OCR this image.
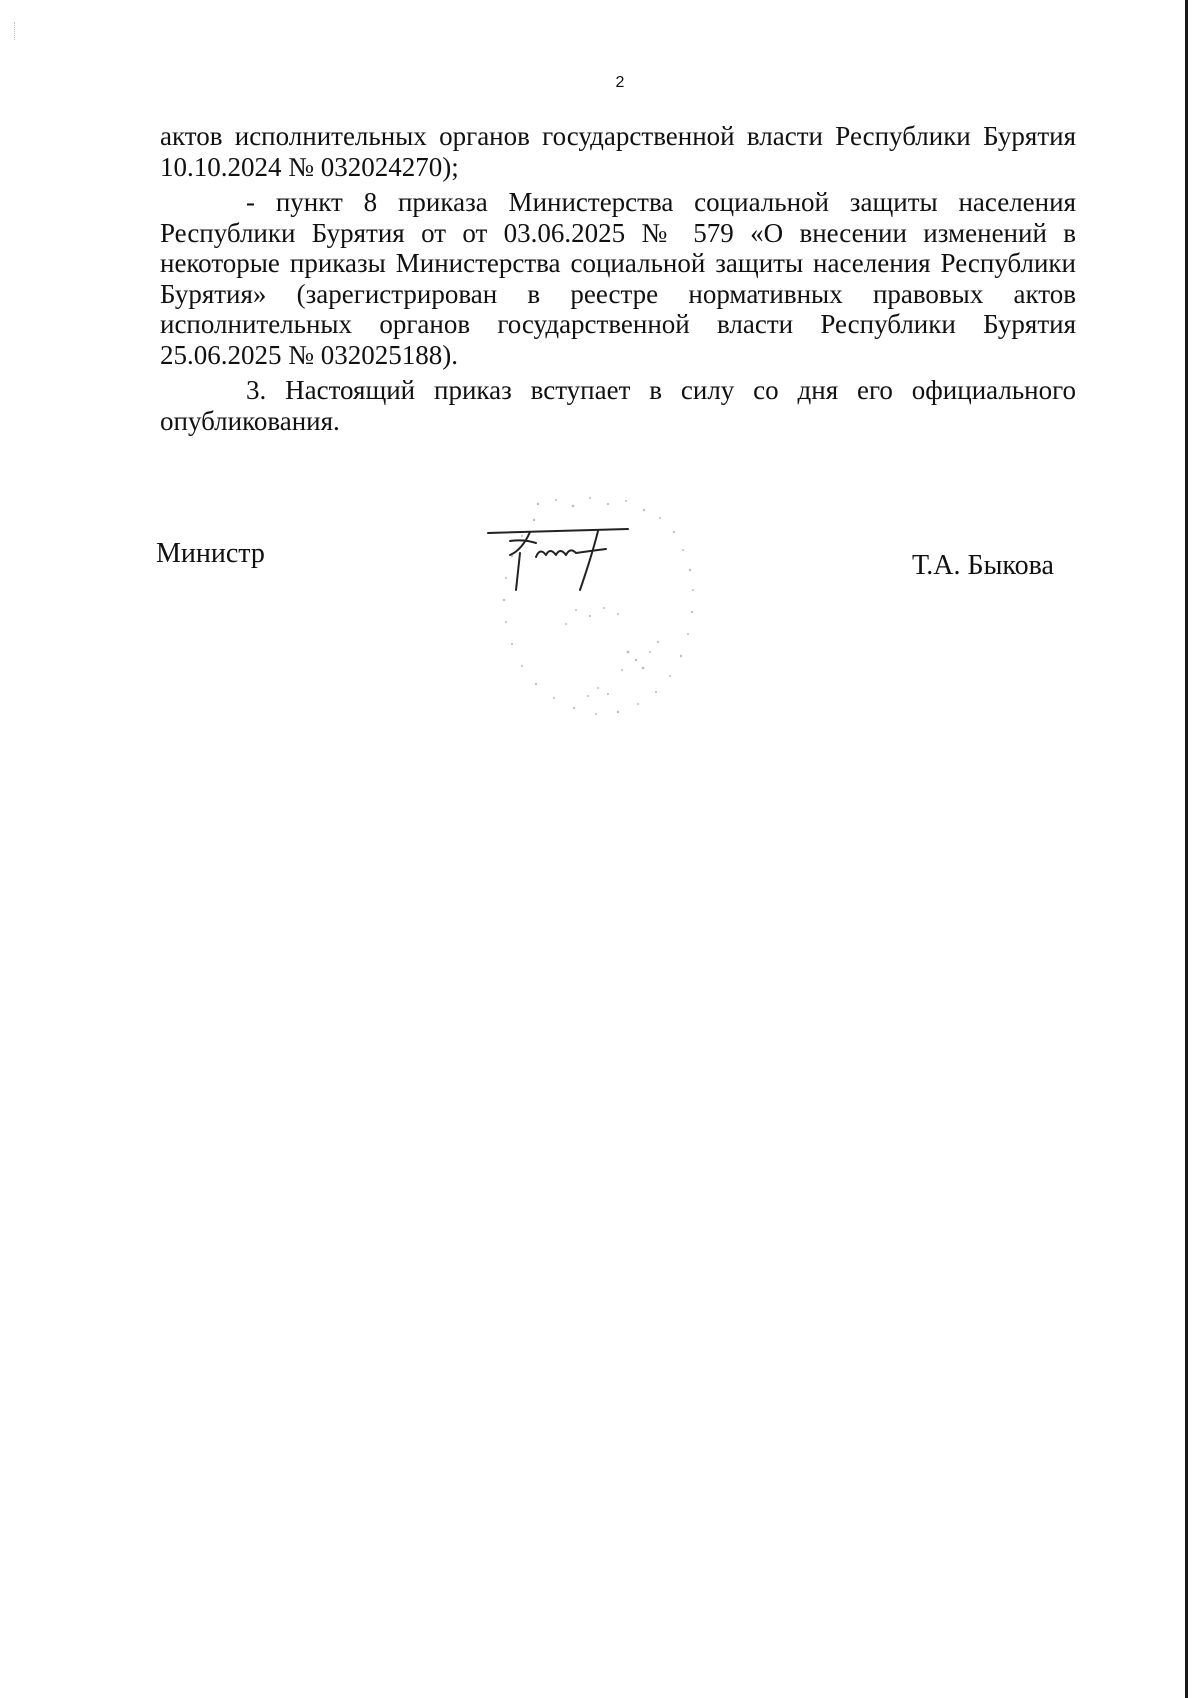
2

актов исполнительных органов государственной власти Республики Бурятия 10.10.2024 № 032024270);

- пункт 8 приказа Министерства социальной защиты населения Республики Бурятия от от 03.06.2025 № 579 «О внесении изменений в некоторые приказы Министерства социальной защиты населения Республики Бурятия» (зарегистрирован в реестре нормативных правовых актов исполнительных органов государственной власти Республики Бурятия 25.06.2025 № 032025188).

3. Настоящий приказ вступает в силу со дня его официального опубликования.

Министр	Т.А. Быкова
